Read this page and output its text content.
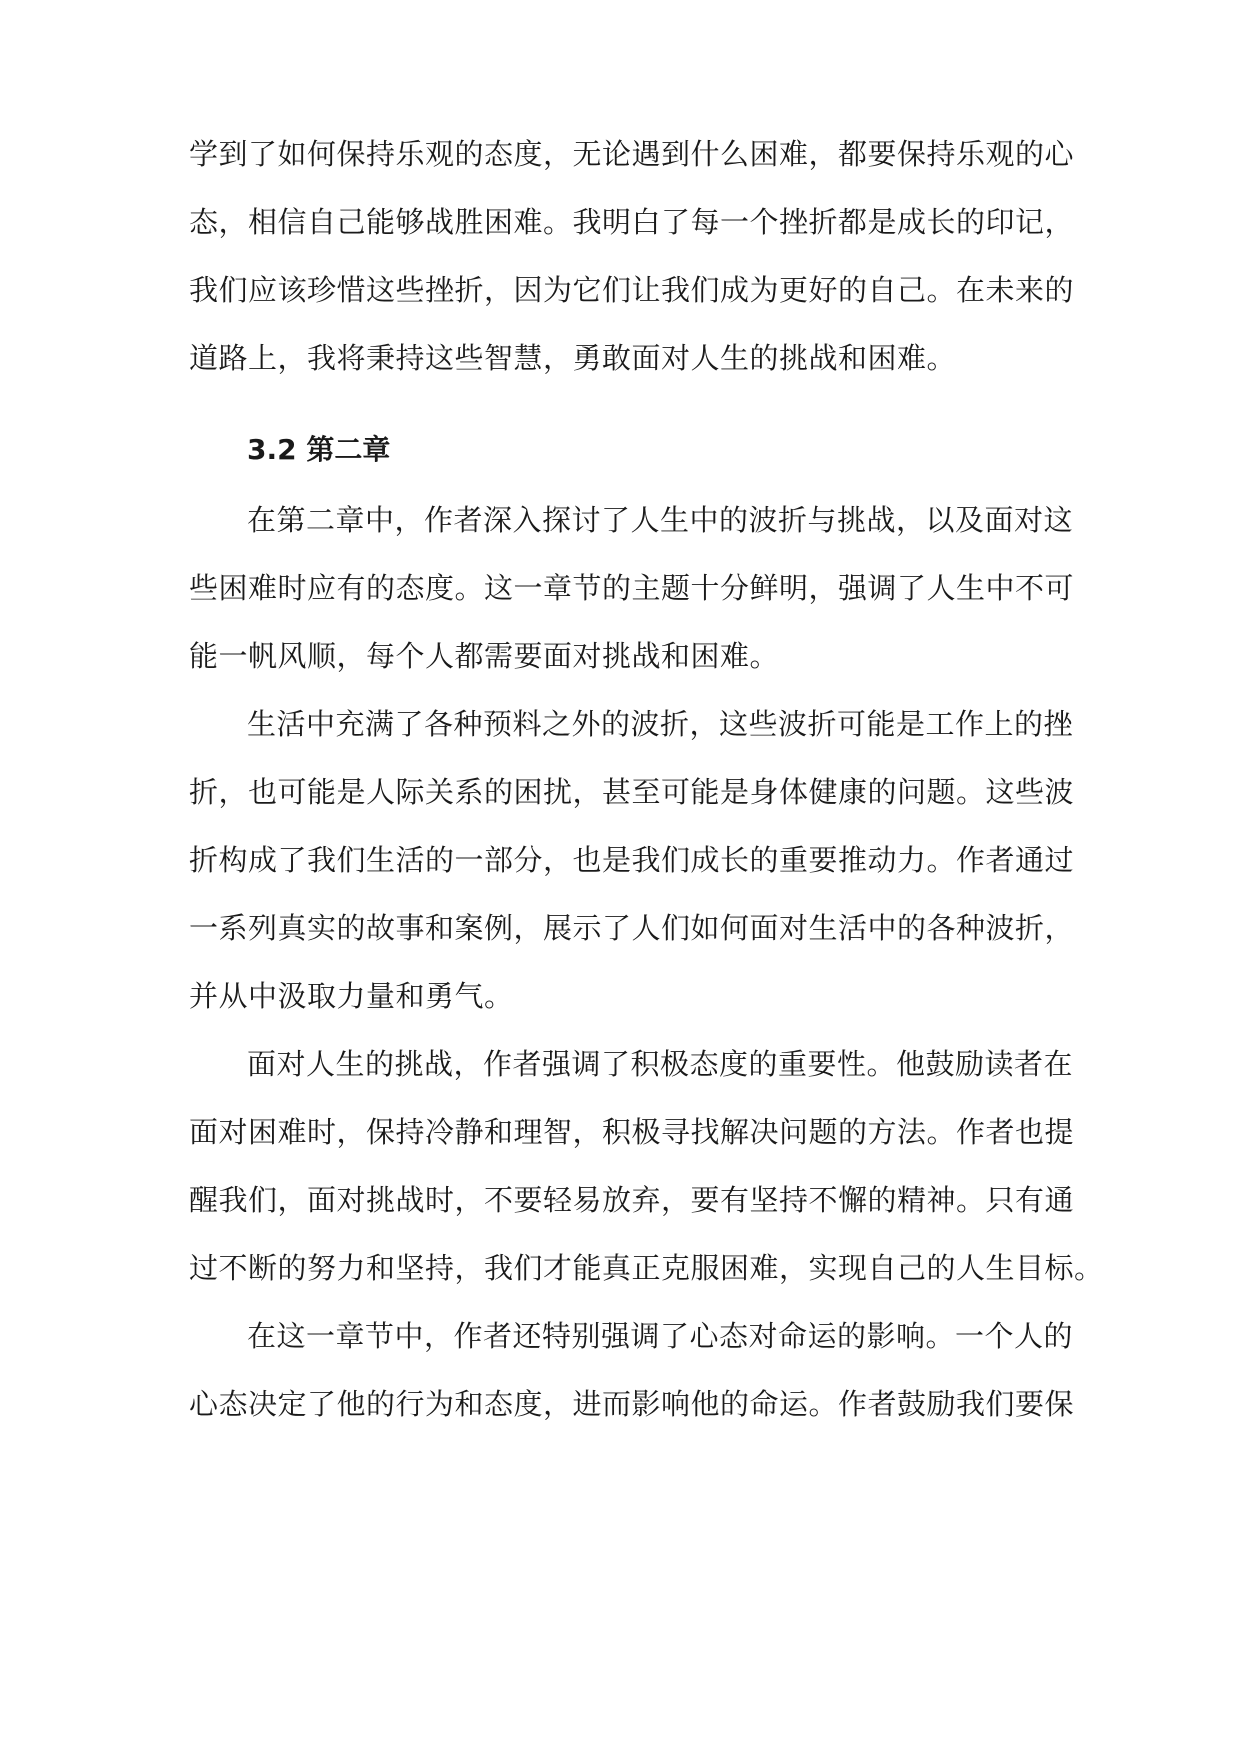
学到了如何保持乐观的态度，无论遇到什么困难，都要保持乐观的心
态，相信自己能够战胜困难。我明白了每一个挫折都是成长的印记，
我们应该珍惜这些挫折，因为它们让我们成为更好的自己。在未来的
道路上，我将秉持这些智慧，勇敢面对人生的挑战和困难。
3.2 第二章
在第二章中，作者深入探讨了人生中的波折与挑战，以及面对这
些困难时应有的态度。这一章节的主题十分鲜明，强调了人生中不可
能一帆风顺，每个人都需要面对挑战和困难。
生活中充满了各种预料之外的波折，这些波折可能是工作上的挫
折，也可能是人际关系的困扰，甚至可能是身体健康的问题。这些波
折构成了我们生活的一部分，也是我们成长的重要推动力。作者通过
一系列真实的故事和案例，展示了人们如何面对生活中的各种波折，
并从中汲取力量和勇气。
面对人生的挑战，作者强调了积极态度的重要性。他鼓励读者在
面对困难时，保持冷静和理智，积极寻找解决问题的方法。作者也提
醒我们，面对挑战时，不要轻易放弃，要有坚持不懈的精神。只有通
过不断的努力和坚持，我们才能真正克服困难，实现自己的人生目标。
在这一章节中，作者还特别强调了心态对命运的影响。一个人的
心态决定了他的行为和态度，进而影响他的命运。作者鼓励我们要保
